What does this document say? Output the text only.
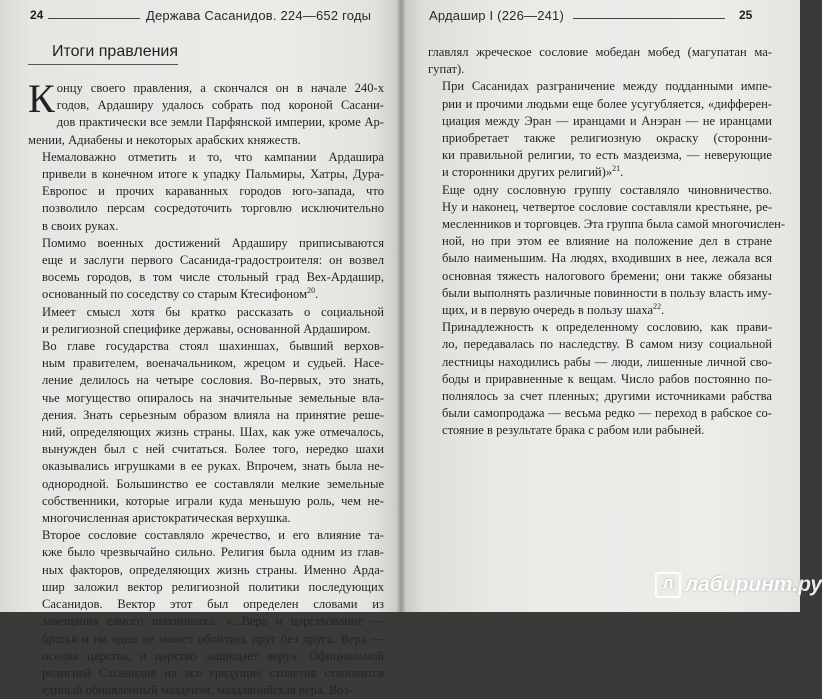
24	Держава Сасанидов. 224—652 годы
Итоги правления

К онцу своего правления, а скончался он в начале 240-х
годов, Ардаширу удалось собрать под короной Сасани-
дов практически все земли Парфянской империи, кроме Ар-
мении, Адиабены и некоторых арабских княжеств.

Немаловажно отметить и то, что кампании Ардашира
привели в конечном итоге к упадку Пальмиры, Хатры, Дура-
Европос и прочих караванных городов юго-запада, что
позволило персам сосредоточить торговлю исключительно
в своих руках.

Помимо военных достижений Ардаширу приписываются
еще и заслуги первого Сасанида-градостроителя: он возвел
восемь городов, в том числе стольный град Вех-Ардашир,
основанный по соседству со старым Ктесифоном$^{20}$.

Имеет смысл хотя бы кратко рассказать о социальной
и религиозной специфике державы, основанной Ардаширом.

Во главе государства стоял шахиншах, бывший верхов-
ным правителем, военачальником, жрецом и судьей. Насе-
ление делилось на четыре сословия. Во-первых, это знать,
чье могущество опиралось на значительные земельные вла-
дения. Знать серьезным образом влияла на принятие реше-
ний, определяющих жизнь страны. Шах, как уже отмечалось,
вынужден был с ней считаться. Более того, нередко шахи
оказывались игрушками в ее руках. Впрочем, знать была не-
однородной. Большинство ее составляли мелкие земельные
собственники, которые играли куда меньшую роль, чем не-
многочисленная аристократическая верхушка.

Второе сословие составляло жречество, и его влияние та-
кже было чрезвычайно сильно. Религия была одним из глав-
ных факторов, определяющих жизнь страны. Именно Арда-
шир заложил вектор религиозной политики последующих
Сасанидов. Вектор этот был определен словами из
завещания самого шахиншаха: «...Вера и царствование —
братья и ни одно не может обойтись друг без друга. Вера —
основа царства, и царство защищает веру». Официальной
религией Сасанидов на все грядущие столетия становится
единый обновленный маздеизм, маздаянийская вера. Воз-

Ардашир I (226—241)	25

главлял жреческое сословие мобедан мобед (магупатан ма-
гупат).

При Сасанидах разграничение между подданными импе-
рии и прочими людьми еще более усугубляется, «дифферен-
циация между Эран — иранцами и Анэран — не иранцами
приобретает также религиозную окраску (сторонни-
ки правильной религии, то есть маздеизма, — неверующие
и сторонники других религий)»$^{21}$.

Еще одну сословную группу составляло чиновничество.
Ну и наконец, четвертое сословие составляли крестьяне, ре-
месленников и торговцев. Эта группа была самой многочислен-
ной, но при этом ее влияние на положение дел в стране
было наименьшим. На людях, входивших в нее, лежала вся
основная тяжесть налогового бремени; они также обязаны
были выполнять различные повинности в пользу власть иму-
щих, и в первую очередь в пользу шаха$^{22}$.

Принадлежность к определенному сословию, как прави-
ло, передавалась по наследству. В самом низу социальной
лестницы находились рабы — люди, лишенные личной сво-
боды и приравненные к вещам. Число рабов постоянно по-
полнялось за счет пленных; другими источниками рабства
были самопродажа — весьма редко — переход в рабское со-
стояние в результате брака с рабом или рабыней.

Л лабиринт.ру
